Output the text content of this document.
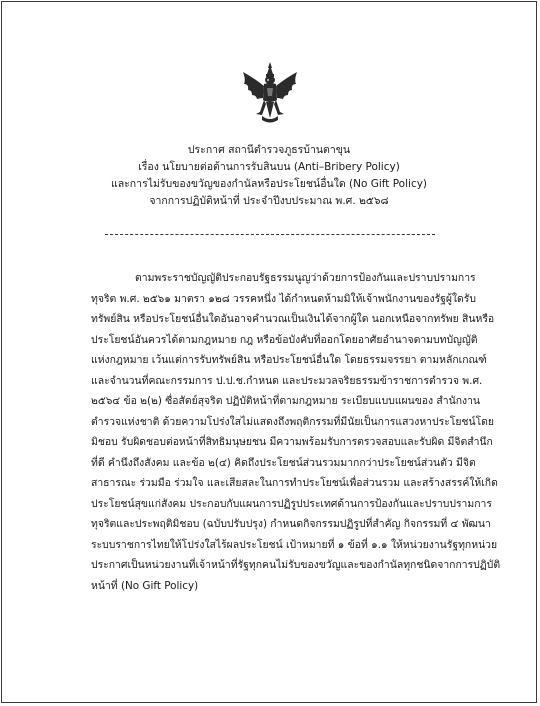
ประกาศ สถานีตำรวจภูธรบ้านตาขุน
เรื่อง นโยบายต่อต้านการรับสินบน (Anti–Bribery Policy)
และการไม่รับของขวัญของกำนัลหรือประโยชน์อื่นใด (No Gift Policy)
จากการปฏิบัติหน้าที่ ประจำปีงบประมาณ พ.ศ. ๒๕๖๘
ตามพระราชบัญญัติประกอบรัฐธรรมนูญว่าด้วยการป้องกันและปราบปรามการ
ทุจริต พ.ศ. ๒๕๖๑ มาตรา ๑๒๘ วรรคหนึ่ง ได้กำหนดห้ามมิให้เจ้าพนักงานของรัฐผู้ใดรับ
ทรัพย์สิน หรือประโยชน์อื่นใดอันอาจคำนวณเป็นเงินได้จากผู้ใด นอกเหนือจากทรัพย สินหรือ
ประโยชน์อันควรได้ตามกฎหมาย กฎ หรือข้อบังคับที่ออกโดยอาศัยอำนาจตามบทบัญญัติ
แห่งกฎหมาย เว้นแต่การรับทรัพย์สิน หรือประโยชน์อื่นใด โดยธรรมจรรยา ตามหลักเกณฑ์
และจำนวนที่คณะกรรมการ ป.ป.ช.กำหนด และประมวลจริยธรรมข้าราชการตำรวจ พ.ศ.
๒๕๖๔ ข้อ ๒(๒) ซื่อสัตย์สุจริต ปฏิบัติหน้าที่ตามกฎหมาย ระเบียบแบบแผนของ สำนักงาน
ตำรวจแห่งชาติ ด้วยความโปร่งใสไม่แสดงถึงพฤติกรรมที่มีนัยเป็นการแสวงหาประโยชน์โดย
มิชอบ รับผิดชอบต่อหน้าที่สิทธิมนุษยชน มีความพร้อมรับการตรวจสอบและรับผิด มีจิตสำนึก
ที่ดี คำนึงถึงสังคม และข้อ ๒(๔) คิดถึงประโยชน์ส่วนรวมมากกว่าประโยชน์ส่วนตัว มีจิต
สาธารณะ ร่วมมือ ร่วมใจ และเสียสละในการทำประโยชน์เพื่อส่วนรวม และสร้างสรรค์ให้เกิด
ประโยชน์สุขแก่สังคม ประกอบกับแผนการปฏิรูปประเทศด้านการป้องกันและปราบปรามการ
ทุจริตและประพฤติมิชอบ (ฉบับปรับปรุง) กำหนดกิจกรรมปฏิรูปที่สำคัญ กิจกรรมที่ ๔ พัฒนา
ระบบราชการไทยให้โปร่งใสไร้ผลประโยชน์ เป้าหมายที่ ๑ ข้อที่ ๑.๑ ให้หน่วยงานรัฐทุกหน่วย
ประกาศเป็นหน่วยงานที่เจ้าหน้าที่รัฐทุกคนไม่รับของขวัญและของกำนัลทุกชนิดจากการปฏิบัติ
หน้าที่ (No Gift Policy)
